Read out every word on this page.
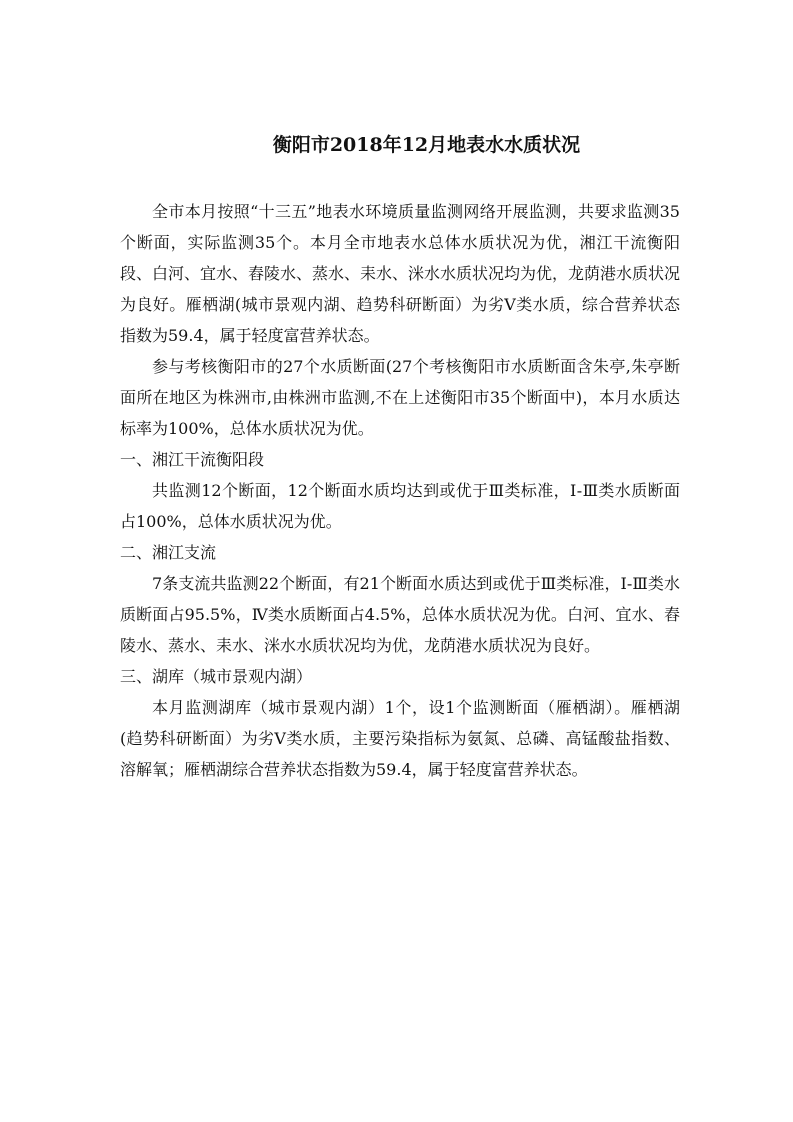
衡阳市2018年12月地表水水质状况

全市本月按照“十三五”地表水环境质量监测网络开展监测，共要求监测35个断面，实际监测35个。本月全市地表水总体水质状况为优，湘江干流衡阳段、白河、宜水、舂陵水、蒸水、耒水、洣水水质状况均为优，龙荫港水质状况为良好。雁栖湖(城市景观内湖、趋势科研断面）为劣Ⅴ类水质，综合营养状态指数为59.4，属于轻度富营养状态。

参与考核衡阳市的27个水质断面(27个考核衡阳市水质断面含朱亭,朱亭断面所在地区为株洲市,由株洲市监测,不在上述衡阳市35个断面中)，本月水质达标率为100%，总体水质状况为优。

一、湘江干流衡阳段

共监测12个断面，12个断面水质均达到或优于Ⅲ类标准，Ⅰ-Ⅲ类水质断面占100%，总体水质状况为优。

二、湘江支流

7条支流共监测22个断面，有21个断面水质达到或优于Ⅲ类标准，Ⅰ-Ⅲ类水质断面占95.5%，Ⅳ类水质断面占4.5%，总体水质状况为优。白河、宜水、舂陵水、蒸水、耒水、洣水水质状况均为优，龙荫港水质状况为良好。

三、湖库（城市景观内湖）

本月监测湖库（城市景观内湖）1个，设1个监测断面（雁栖湖）。雁栖湖(趋势科研断面）为劣Ⅴ类水质，主要污染指标为氨氮、总磷、高锰酸盐指数、溶解氧；雁栖湖综合营养状态指数为59.4，属于轻度富营养状态。
